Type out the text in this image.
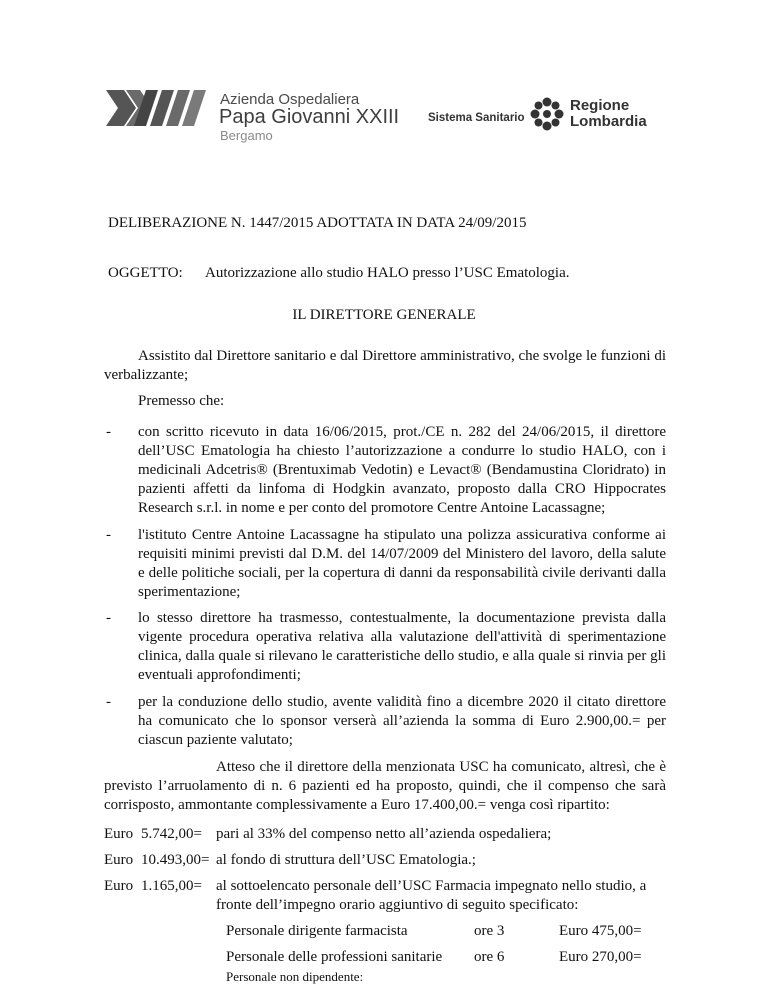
Azienda Ospedaliera
Papa Giovanni XXIII
Bergamo
Sistema Sanitario
Regione
Lombardia
DELIBERAZIONE N. 1447/2015 ADOTTATA IN DATA 24/09/2015
OGGETTO: Autorizzazione allo studio HALO presso l’USC Ematologia.
IL DIRETTORE GENERALE
Assistito dal Direttore sanitario e dal Direttore amministrativo, che svolge le funzioni di verbalizzante;
Premesso che:
- con scritto ricevuto in data 16/06/2015, prot./CE n. 282 del 24/06/2015, il direttore dell’USC Ematologia ha chiesto l’autorizzazione a condurre lo studio HALO, con i medicinali Adcetris® (Brentuximab Vedotin) e Levact® (Bendamustina Cloridrato) in pazienti affetti da linfoma di Hodgkin avanzato, proposto dalla CRO Hippocrates Research s.r.l. in nome e per conto del promotore Centre Antoine Lacassagne;
- l'istituto Centre Antoine Lacassagne ha stipulato una polizza assicurativa conforme ai requisiti minimi previsti dal D.M. del 14/07/2009 del Ministero del lavoro, della salute e delle politiche sociali, per la copertura di danni da responsabilità civile derivanti dalla sperimentazione;
- lo stesso direttore ha trasmesso, contestualmente, la documentazione prevista dalla vigente procedura operativa relativa alla valutazione dell'attività di sperimentazione clinica, dalla quale si rilevano le caratteristiche dello studio, e alla quale si rinvia per gli eventuali approfondimenti;
- per la conduzione dello studio, avente validità fino a dicembre 2020 il citato direttore ha comunicato che lo sponsor verserà all’azienda la somma di Euro 2.900,00.= per ciascun paziente valutato;
Atteso che il direttore della menzionata USC ha comunicato, altresì, che è previsto l’arruolamento di n. 6 pazienti ed ha proposto, quindi, che il compenso che sarà corrisposto, ammontante complessivamente a Euro 17.400,00.= venga così ripartito:
Euro 5.742,00= pari al 33% del compenso netto all’azienda ospedaliera;
Euro 10.493,00= al fondo di struttura dell’USC Ematologia.;
Euro 1.165,00= al sottoelencato personale dell’USC Farmacia impegnato nello studio, a
fronte dell’impegno orario aggiuntivo di seguito specificato:
Personale dirigente farmacista	ore 3	Euro 475,00=
Personale delle professioni sanitarie ore 6	Euro 270,00=
Personale non dipendente:
